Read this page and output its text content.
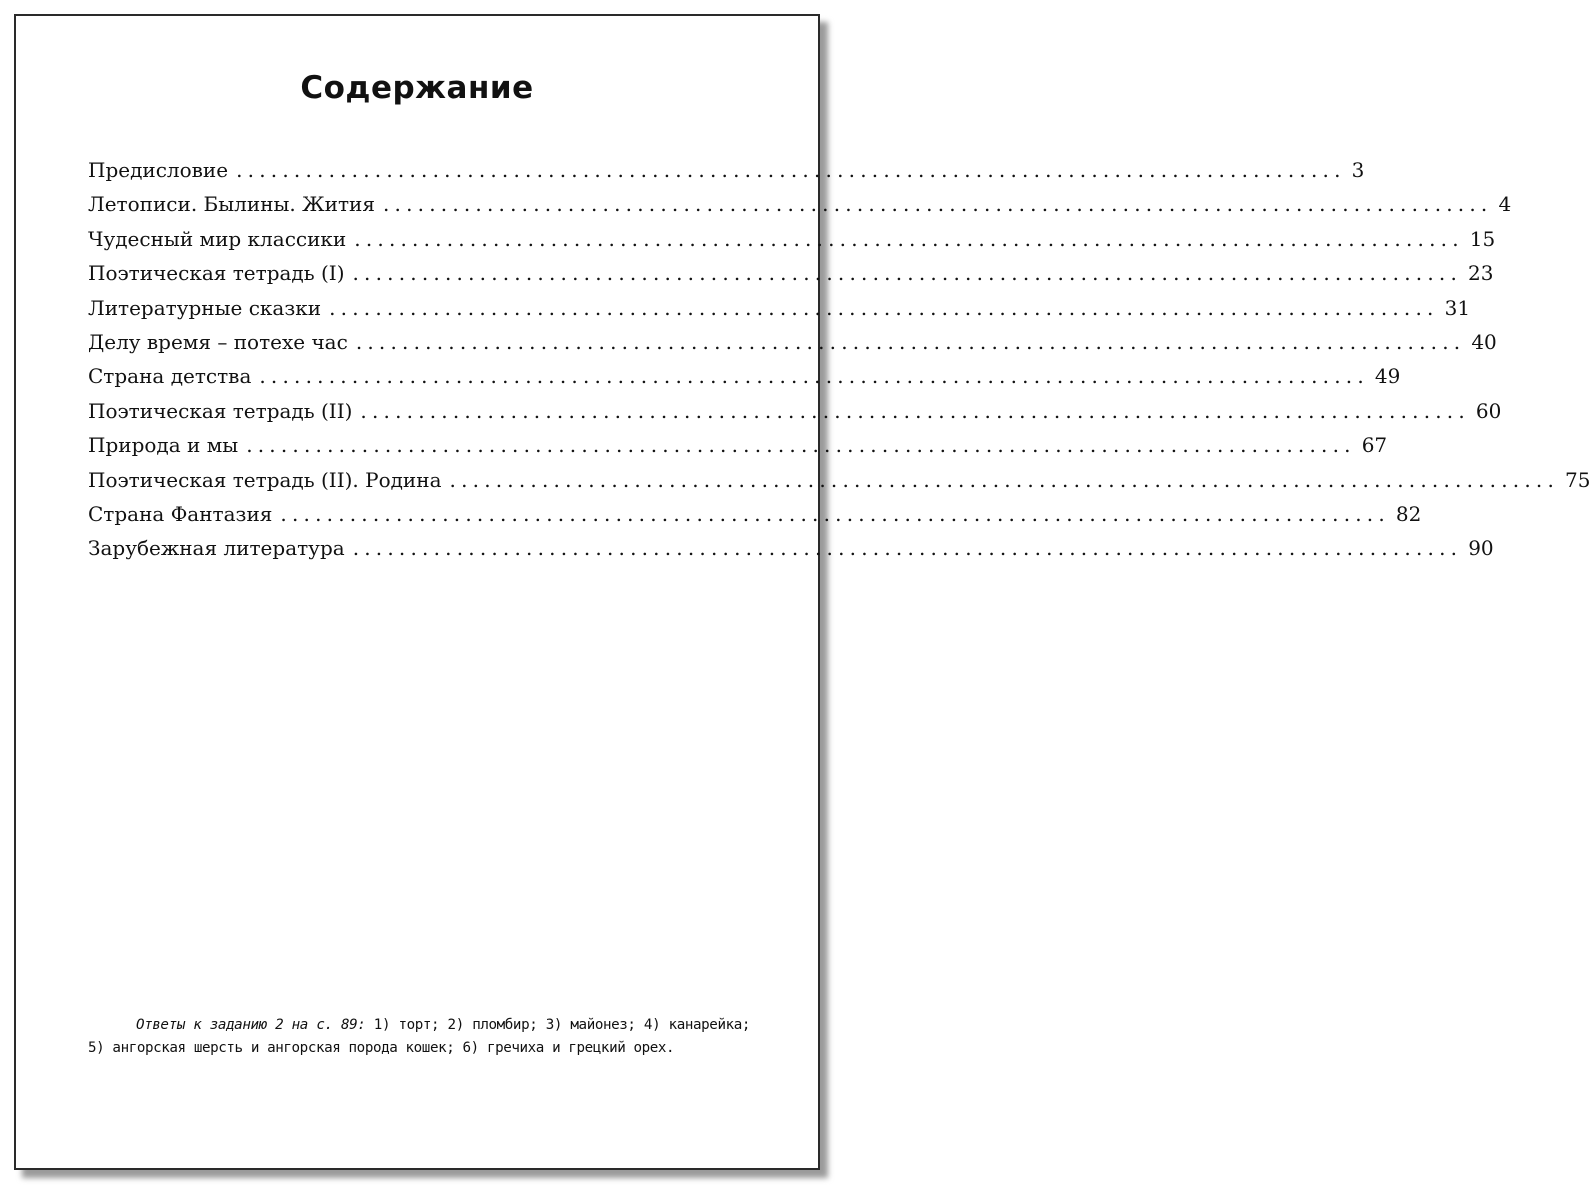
Содержание
Предисловие ................................................................................................ 3
Летописи. Былины. Жития ................................................................................................ 4
Чудесный мир классики ................................................................................................ 15
Поэтическая тетрадь (I) ................................................................................................ 23
Литературные сказки ................................................................................................ 31
Делу время – потехе час ................................................................................................ 40
Страна детства ................................................................................................ 49
Поэтическая тетрадь (II) ................................................................................................ 60
Природа и мы ................................................................................................ 67
Поэтическая тетрадь (II). Родина ................................................................................................ 75
Страна Фантазия ................................................................................................ 82
Зарубежная литература ................................................................................................ 90
Ответы к заданию 2 на с. 89: 1) торт; 2) пломбир; 3) майонез; 4) канарейка; 5) ангорская шерсть и ангорская порода кошек; 6) гречиха и грецкий орех.
